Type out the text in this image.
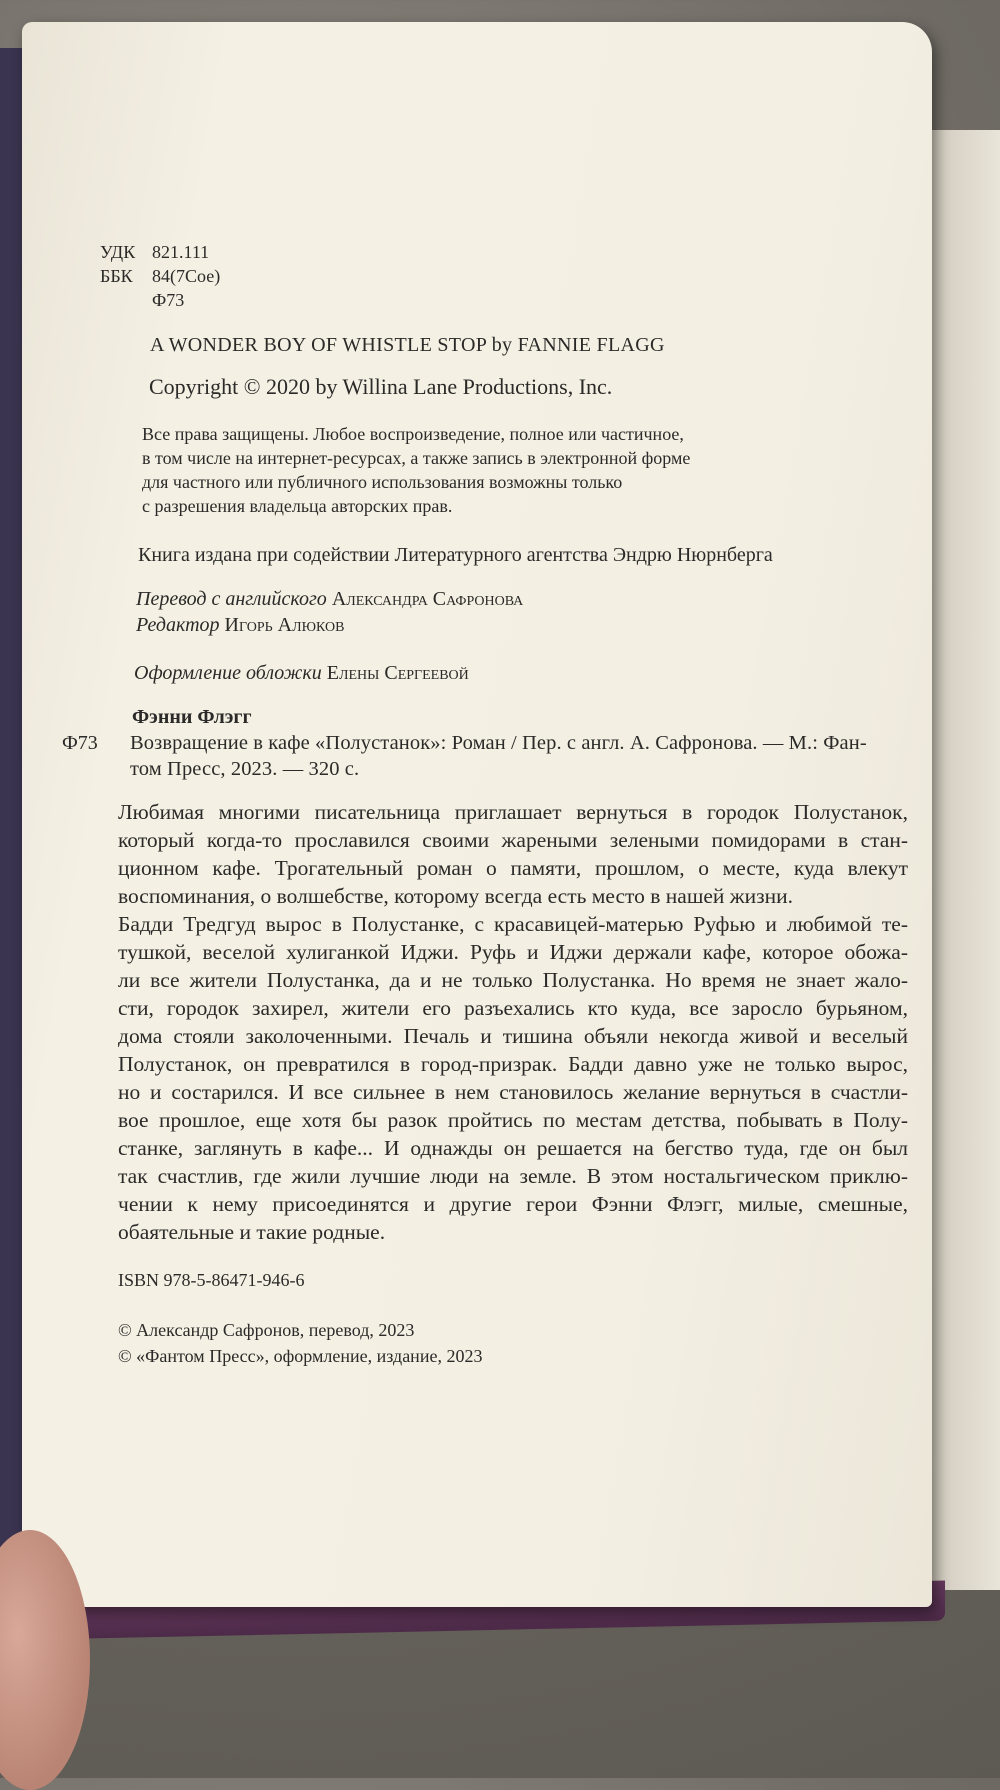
УДК 821.111
ББК 84(7Сое)
Ф73
A WONDER BOY OF WHISTLE STOP by FANNIE FLAGG
Copyright © 2020 by Willina Lane Productions, Inc.
Все права защищены. Любое воспроизведение, полное или частичное,
в том числе на интернет-ресурсах, а также запись в электронной форме
для частного или публичного использования возможны только
с разрешения владельца авторских прав.
Книга издана при содействии Литературного агентства Эндрю Нюрнберга
Перевод с английского Александра Сафронова
Редактор Игорь Алюков
Оформление обложки Елены Сергеевой
Фэнни Флэгг
Ф73 Возвращение в кафе «Полустанок»: Роман / Пер. с англ. А. Сафронова. — М.: Фан-
том Пресс, 2023. — 320 с.
Любимая многими писательница приглашает вернуться в городок Полустанок,
который когда-то прославился своими жареными зелеными помидорами в стан-
ционном кафе. Трогательный роман о памяти, прошлом, о месте, куда влекут
воспоминания, о волшебстве, которому всегда есть место в нашей жизни.
Бадди Тредгуд вырос в Полустанке, с красавицей-матерью Руфью и любимой те-
тушкой, веселой хулиганкой Иджи. Руфь и Иджи держали кафе, которое обожа-
ли все жители Полустанка, да и не только Полустанка. Но время не знает жало-
сти, городок захирел, жители его разъехались кто куда, все заросло бурьяном,
дома стояли заколоченными. Печаль и тишина объяли некогда живой и веселый
Полустанок, он превратился в город-призрак. Бадди давно уже не только вырос,
но и состарился. И все сильнее в нем становилось желание вернуться в счастли-
вое прошлое, еще хотя бы разок пройтись по местам детства, побывать в Полу-
станке, заглянуть в кафе... И однажды он решается на бегство туда, где он был
так счастлив, где жили лучшие люди на земле. В этом ностальгическом приклю-
чении к нему присоединятся и другие герои Фэнни Флэгг, милые, смешные,
обаятельные и такие родные.
ISBN 978-5-86471-946-6
© Александр Сафронов, перевод, 2023
© «Фантом Пресс», оформление, издание, 2023
